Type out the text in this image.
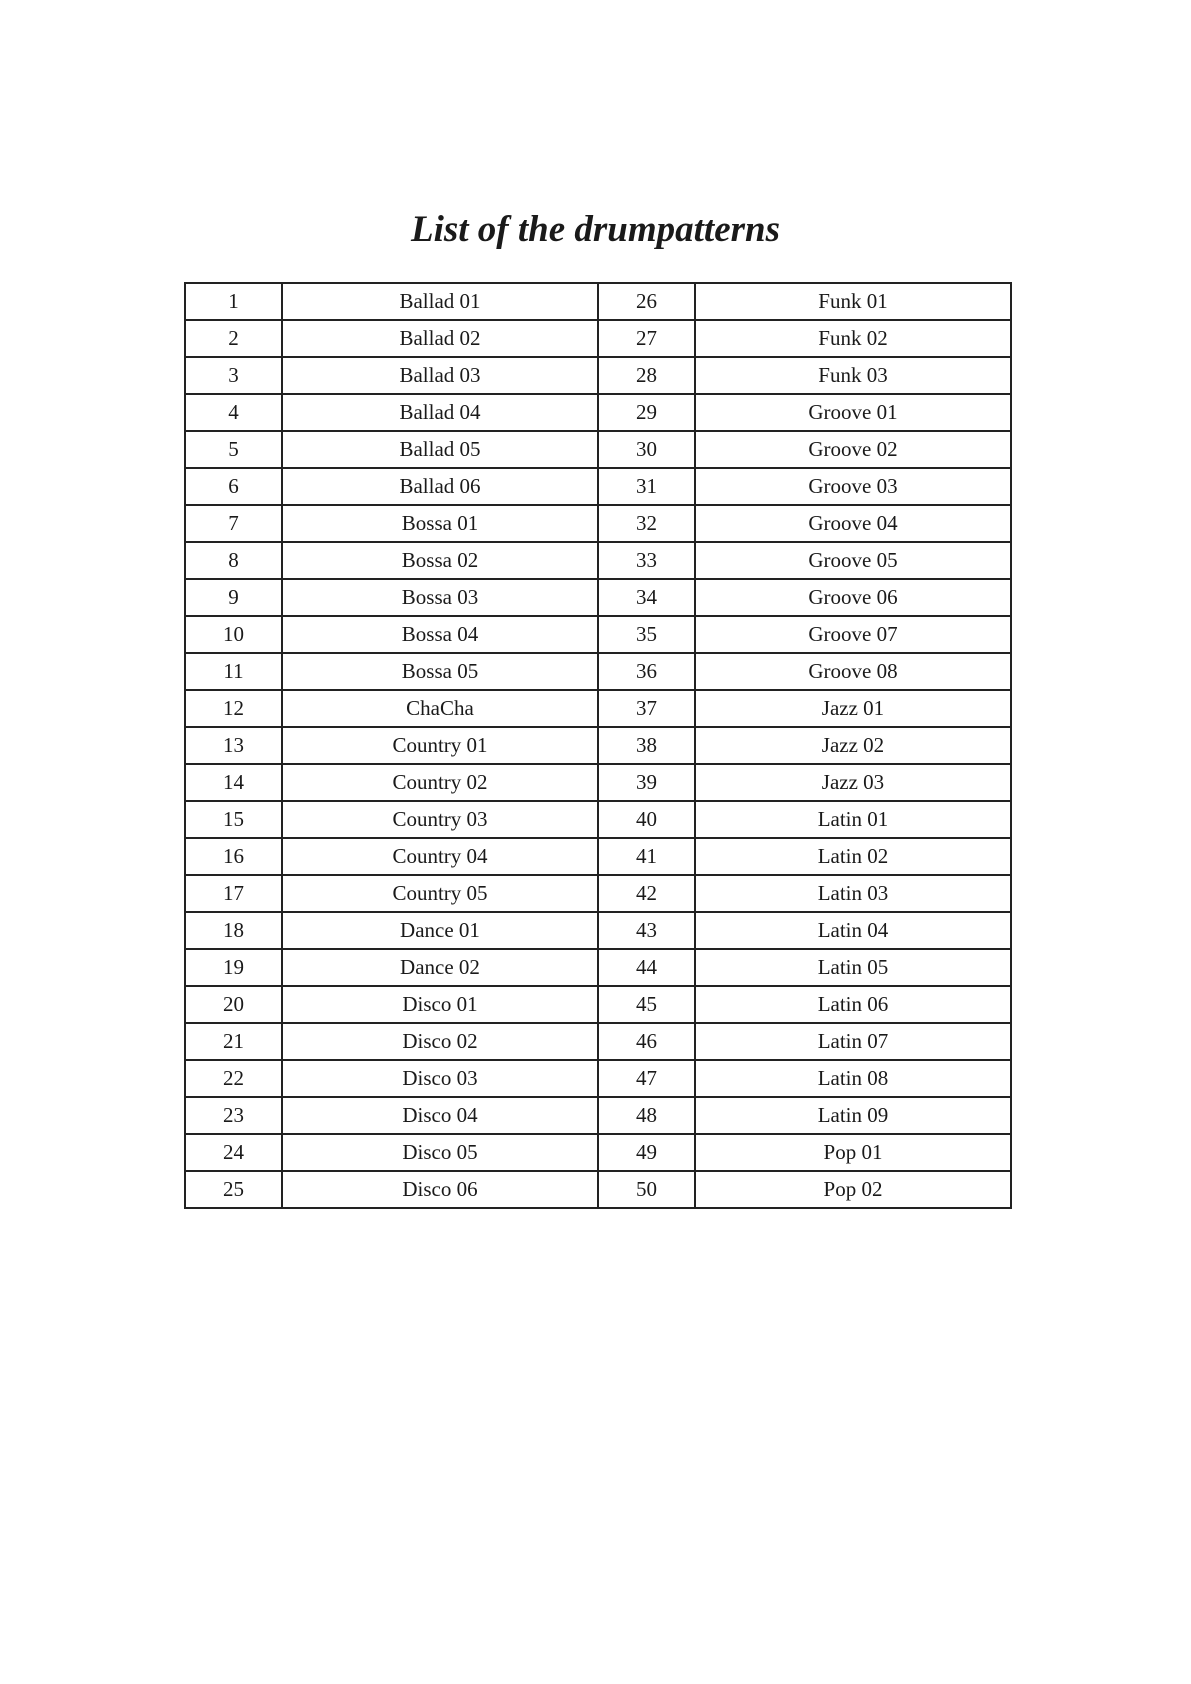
List of the drumpatterns
1	Ballad 01	26	Funk 01
2	Ballad 02	27	Funk 02
3	Ballad 03	28	Funk 03
4	Ballad 04	29	Groove 01
5	Ballad 05	30	Groove 02
6	Ballad 06	31	Groove 03
7	Bossa 01	32	Groove 04
8	Bossa 02	33	Groove 05
9	Bossa 03	34	Groove 06
10	Bossa 04	35	Groove 07
11	Bossa 05	36	Groove 08
12	ChaCha	37	Jazz 01
13	Country 01	38	Jazz 02
14	Country 02	39	Jazz 03
15	Country 03	40	Latin 01
16	Country 04	41	Latin 02
17	Country 05	42	Latin 03
18	Dance 01	43	Latin 04
19	Dance 02	44	Latin 05
20	Disco 01	45	Latin 06
21	Disco 02	46	Latin 07
22	Disco 03	47	Latin 08
23	Disco 04	48	Latin 09
24	Disco 05	49	Pop 01
25	Disco 06	50	Pop 02
